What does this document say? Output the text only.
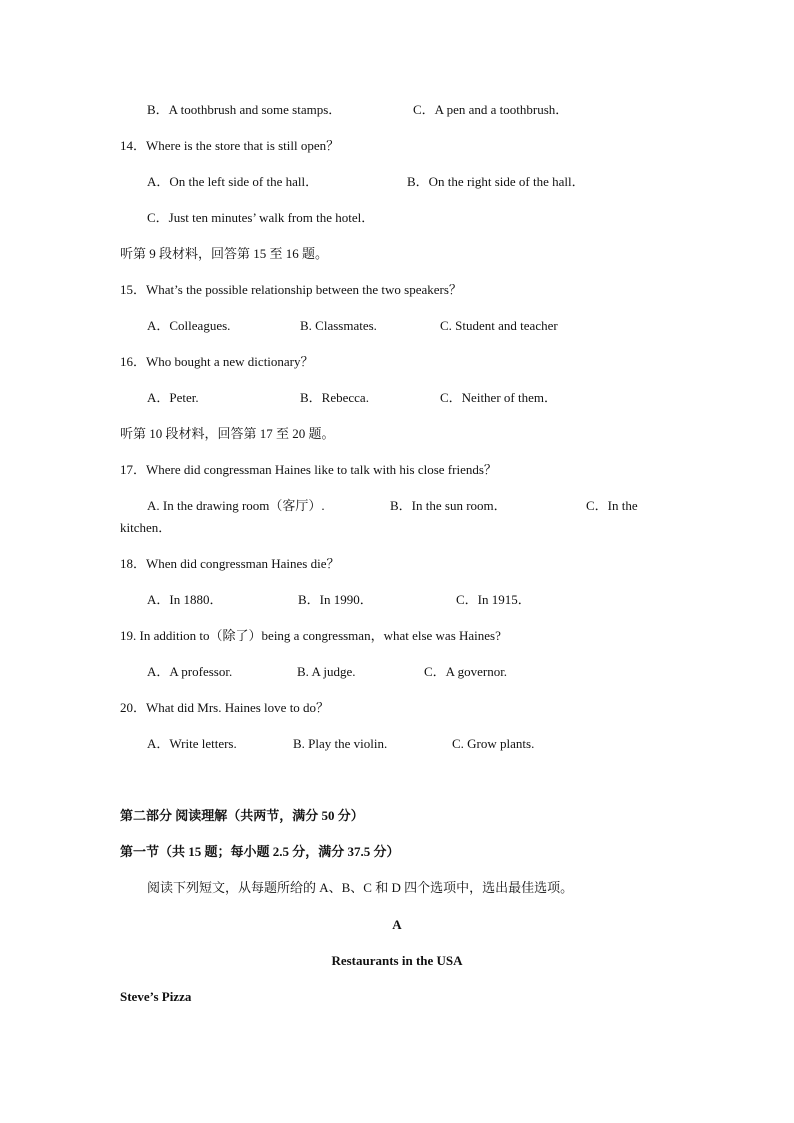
B．A toothbrush and some stamps．	C．A pen and a toothbrush．
14．Where is the store that is still open？
A．On the left side of the hall．	B．On the right side of the hall．
C．Just ten minutes’ walk from the hotel．
听第 9 段材料，回答第 15 至 16 题。
15．What’s the possible relationship between the two speakers？
A．Colleagues.	B. Classmates.	C. Student and teacher
16．Who bought a new dictionary？
A．Peter.	B．Rebecca.	C．Neither of them．
听第 10 段材料，回答第 17 至 20 题。
17．Where did congressman Haines like to talk with his close friends？
A. In the drawing room（客厅）.	B．In the sun room．	C．In the
kitchen．
18．When did congressman Haines die？
A．In 1880．	B．In 1990．	C．In 1915．
19. In addition to（除了）being a congressman，what else was Haines?
A．A professor.	B. A judge.	C．A governor.
20．What did Mrs. Haines love to do？
A．Write letters.	B. Play the violin.	C. Grow plants.
第二部分 阅读理解（共两节，满分 50 分）
第一节（共 15 题；每小题 2.5 分，满分 37.5 分）
阅读下列短文，从每题所给的 A、B、C 和 D 四个选项中，选出最佳选项。
A
Restaurants in the USA
Steve’s Pizza
